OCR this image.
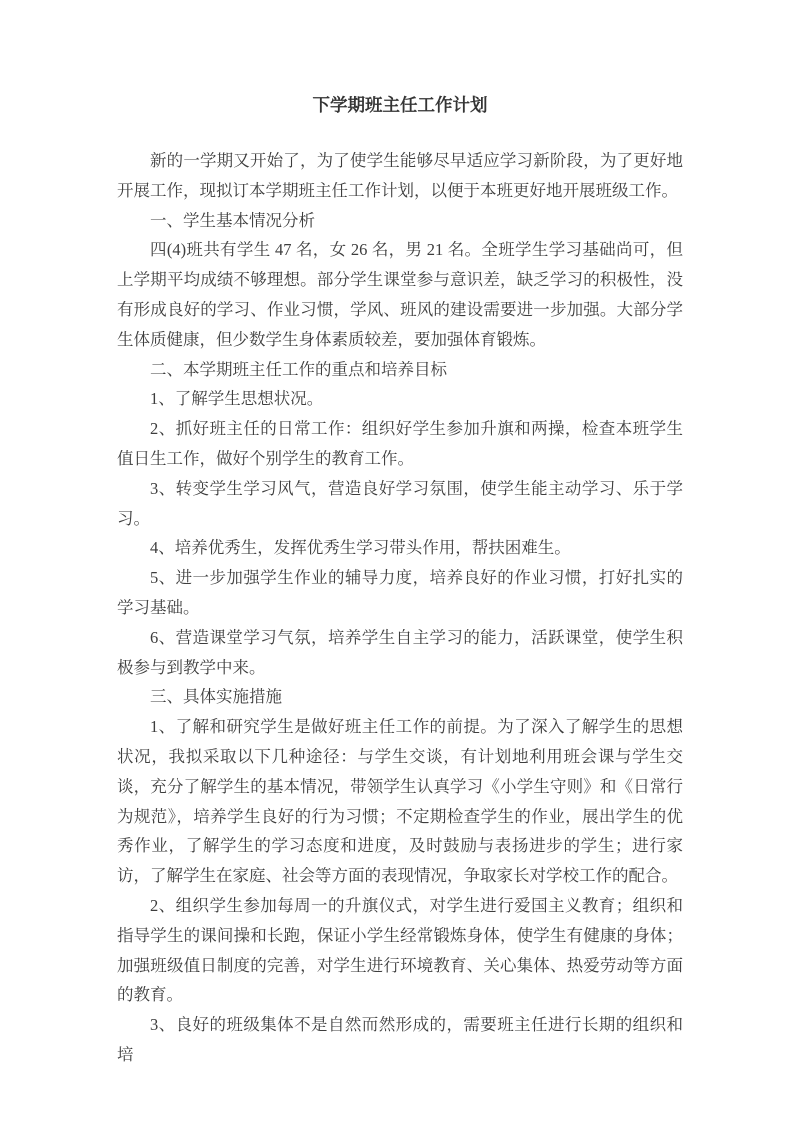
下学期班主任工作计划

新的一学期又开始了，为了使学生能够尽早适应学习新阶段，为了更好地开展工作，现拟订本学期班主任工作计划，以便于本班更好地开展班级工作。

一、学生基本情况分析

四(4)班共有学生 47 名，女 26 名，男 21 名。全班学生学习基础尚可，但上学期平均成绩不够理想。部分学生课堂参与意识差，缺乏学习的积极性，没有形成良好的学习、作业习惯，学风、班风的建设需要进一步加强。大部分学生体质健康，但少数学生身体素质较差，要加强体育锻炼。

二、本学期班主任工作的重点和培养目标

1、了解学生思想状况。

2、抓好班主任的日常工作：组织好学生参加升旗和两操，检查本班学生值日生工作，做好个别学生的教育工作。

3、转变学生学习风气，营造良好学习氛围，使学生能主动学习、乐于学习。

4、培养优秀生，发挥优秀生学习带头作用，帮扶困难生。

5、进一步加强学生作业的辅导力度，培养良好的作业习惯，打好扎实的学习基础。

6、营造课堂学习气氛，培养学生自主学习的能力，活跃课堂，使学生积极参与到教学中来。

三、具体实施措施

1、了解和研究学生是做好班主任工作的前提。为了深入了解学生的思想状况，我拟采取以下几种途径：与学生交谈，有计划地利用班会课与学生交谈，充分了解学生的基本情况，带领学生认真学习《小学生守则》和《日常行为规范》，培养学生良好的行为习惯；不定期检查学生的作业，展出学生的优秀作业，了解学生的学习态度和进度，及时鼓励与表扬进步的学生；进行家访，了解学生在家庭、社会等方面的表现情况，争取家长对学校工作的配合。

2、组织学生参加每周一的升旗仪式，对学生进行爱国主义教育；组织和指导学生的课间操和长跑，保证小学生经常锻炼身体，使学生有健康的身体；加强班级值日制度的完善，对学生进行环境教育、关心集体、热爱劳动等方面的教育。

3、良好的班级集体不是自然而然形成的，需要班主任进行长期的组织和培
